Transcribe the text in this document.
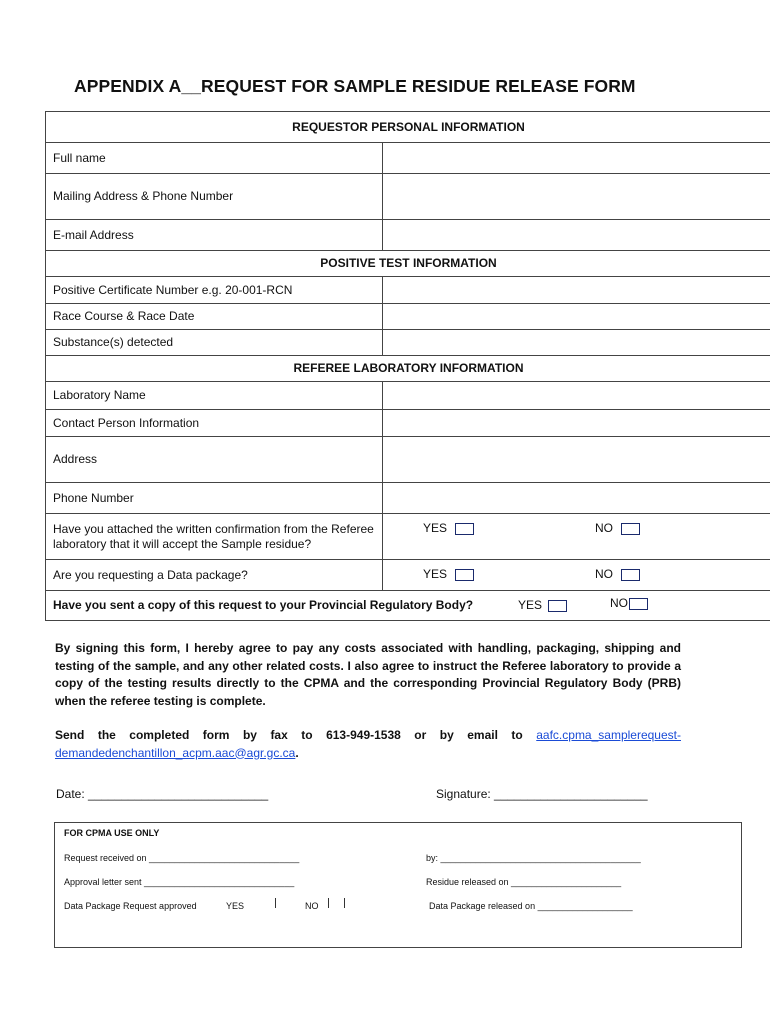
APPENDIX A__REQUEST FOR SAMPLE RESIDUE RELEASE FORM
REQUESTOR PERSONAL INFORMATION	
Full name	
Mailing Address & Phone Number	
E-mail Address	
POSITIVE TEST INFORMATION	
Positive Certificate Number e.g. 20-001-RCN	
Race Course & Race Date	
Substance(s) detected	
REFEREE LABORATORY INFORMATION	
Laboratory Name	
Contact Person Information	
Address	
Phone Number	
Have you attached the written confirmation from the Referee laboratory that it will accept the Sample residue?	YES NO

Are you requesting a Data package?	YES NO

Have you sent a copy of this request to your Provincial Regulatory Body? YES NO	
By signing this form, I hereby agree to pay any costs associated with handling, packaging, shipping and testing of the sample, and any other related costs. I also agree to instruct the Referee laboratory to provide a copy of the testing results directly to the CPMA and the corresponding Provincial Regulatory Body (PRB) when the referee testing is complete.
Send the completed form by fax to 613-949-1538 or by email to aafc.cpma_samplerequest-demandedenchantillon_acpm.aac@agr.gc.ca.
Date: ___________________________	Signature: _______________________
FOR CPMA USE ONLY
Request received on ______________________________	by: ________________________________________
Approval letter sent ______________________________	Residue released on ______________________
Data Package Request approved	YES	NO	Data Package released on ___________________
